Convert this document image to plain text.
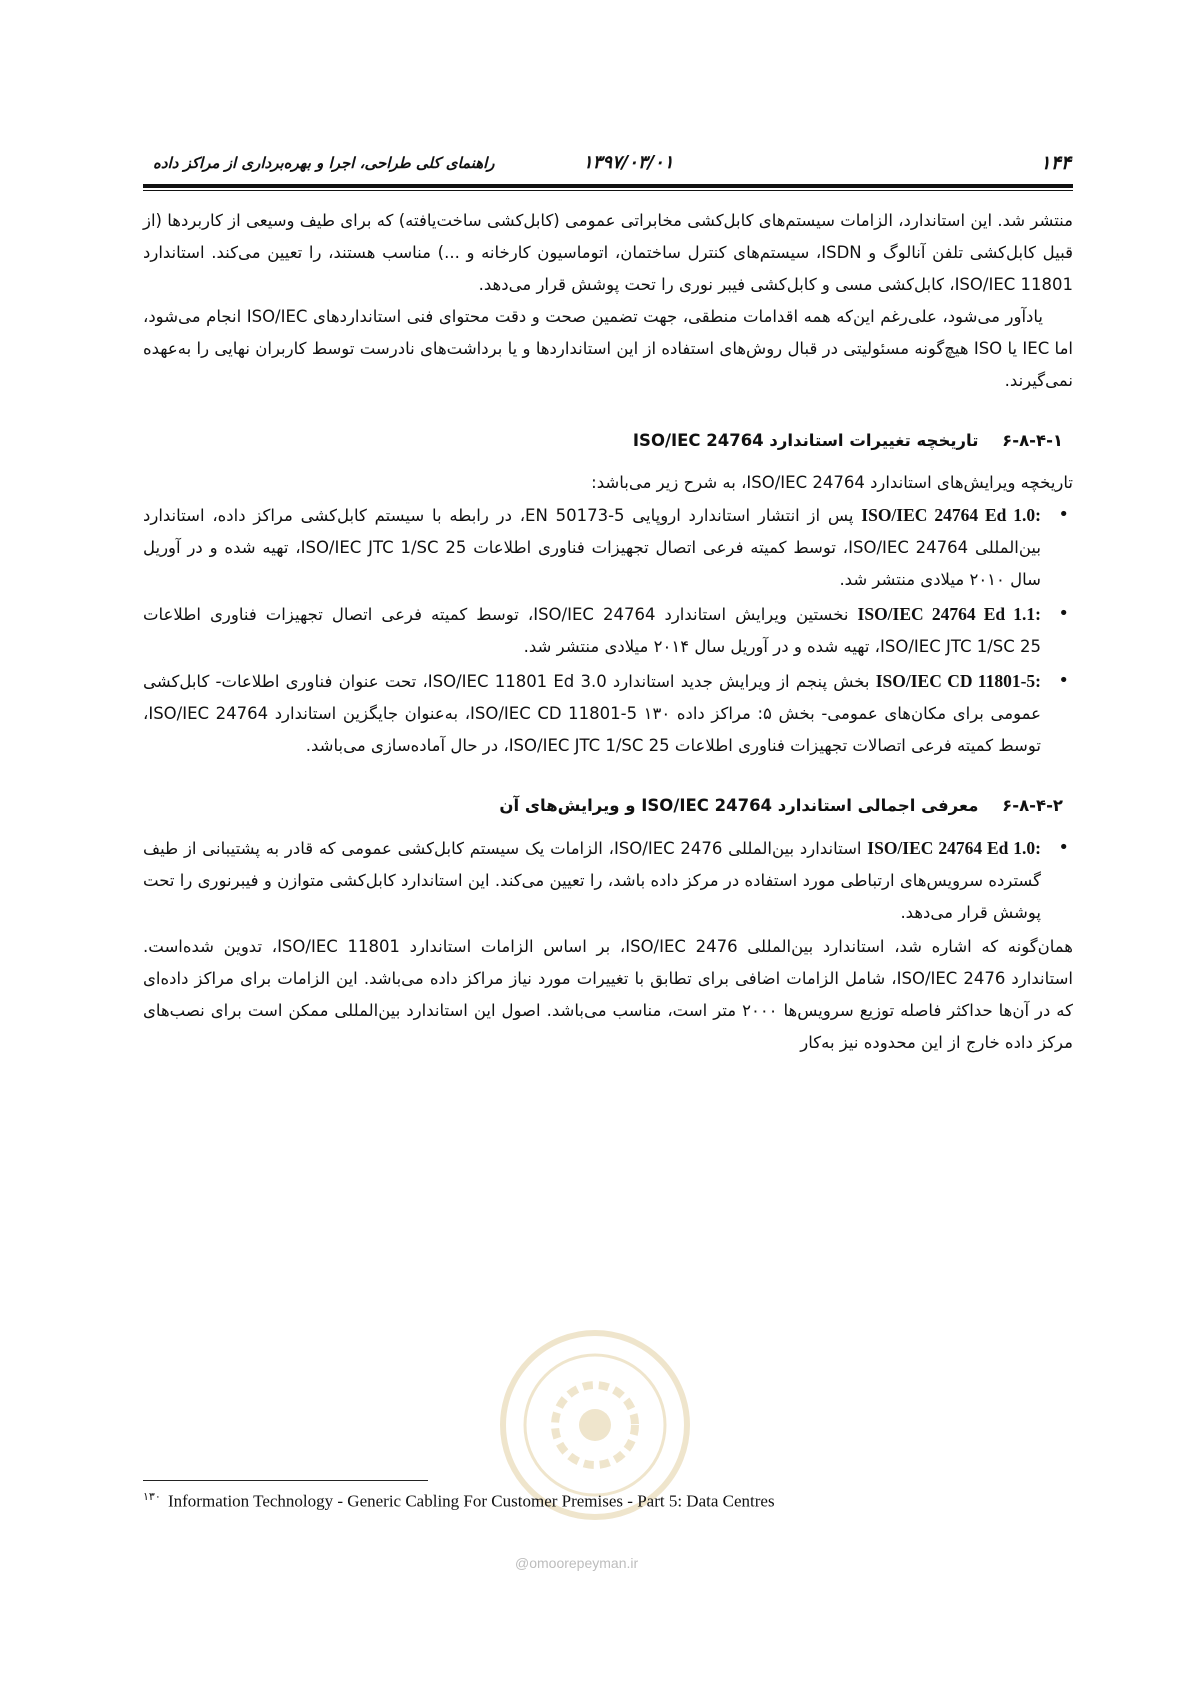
۱۴۴
۱۳۹۷/۰۳/۰۱
راهنمای کلی طراحی، اجرا و بهره‌برداری از مراکز داده

منتشر شد. این استاندارد، الزامات سیستم‌های کابل‌کشی مخابراتی عمومی (کابل‌کشی ساخت‌یافته) که برای طیف وسیعی از کاربردها (از قبیل کابل‌کشی تلفن آنالوگ و ISDN، سیستم‌های کنترل ساختمان، اتوماسیون کارخانه و ...) مناسب هستند، را تعیین می‌کند. استاندارد ISO/IEC 11801، کابل‌کشی مسی و کابل‌کشی فیبر نوری را تحت پوشش قرار می‌دهد.

یادآور می‌شود، علی‌رغم این‌که همه اقدامات منطقی، جهت تضمین صحت و دقت محتوای فنی استانداردهای ISO/IEC انجام می‌شود، اما IEC یا ISO هیچ‌گونه مسئولیتی در قبال روش‌های استفاده از این استانداردها و یا برداشت‌های نادرست توسط کاربران نهایی را به‌عهده نمی‌گیرند.

۶-۸-۴-۱ تاریخچه تغییرات استاندارد ISO/IEC 24764

تاریخچه ویرایش‌های استاندارد ISO/IEC 24764، به شرح زیر می‌باشد:

• ISO/IEC 24764 Ed 1.0: پس از انتشار استاندارد اروپایی EN 50173-5، در رابطه با سیستم کابل‌کشی مراکز داده، استاندارد بین‌المللی ISO/IEC 24764، توسط کمیته فرعی اتصال تجهیزات فناوری اطلاعات ISO/IEC JTC 1/SC 25، تهیه شده و در آوریل سال ۲۰۱۰ میلادی منتشر شد.
• ISO/IEC 24764 Ed 1.1: نخستین ویرایش استاندارد ISO/IEC 24764، توسط کمیته فرعی اتصال تجهیزات فناوری اطلاعات ISO/IEC JTC 1/SC 25، تهیه شده و در آوریل سال ۲۰۱۴ میلادی منتشر شد.
• ISO/IEC CD 11801-5: بخش پنجم از ویرایش جدید استاندارد ISO/IEC 11801 Ed 3.0، تحت عنوان فناوری اطلاعات- کابل‌کشی عمومی برای مکان‌های عمومی- بخش ۵: مراکز داده ۱۳۰ ISO/IEC CD 11801-5، به‌عنوان جایگزین استاندارد ISO/IEC 24764، توسط کمیته فرعی اتصالات تجهیزات فناوری اطلاعات ISO/IEC JTC 1/SC 25، در حال آماده‌سازی می‌باشد.
۶-۸-۴-۲ معرفی اجمالی استاندارد ISO/IEC 24764 و ویرایش‌های آن
• ISO/IEC 24764 Ed 1.0: استاندارد بین‌المللی ISO/IEC 2476، الزامات یک سیستم کابل‌کشی عمومی که قادر به پشتیبانی از طیف گسترده سرویس‌های ارتباطی مورد استفاده در مرکز داده باشد، را تعیین می‌کند. این استاندارد کابل‌کشی متوازن و فیبرنوری را تحت پوشش قرار می‌دهد.

همان‌گونه که اشاره شد، استاندارد بین‌المللی ISO/IEC 2476، بر اساس الزامات استاندارد ISO/IEC 11801، تدوین شده‌است. استاندارد ISO/IEC 2476، شامل الزامات اضافی برای تطابق با تغییرات مورد نیاز مراکز داده می‌باشد. این الزامات برای مراکز داده‌ای که در آن‌ها حداکثر فاصله توزیع سرویس‌ها ۲۰۰۰ متر است، مناسب می‌باشد. اصول این استاندارد بین‌المللی ممکن است برای نصب‌های مرکز داده خارج از این محدوده نیز به‌کار

@omoorepeyman.ir
$^{۱۳۰}$ Information Technology - Generic Cabling For Customer Premises - Part 5: Data Centres
